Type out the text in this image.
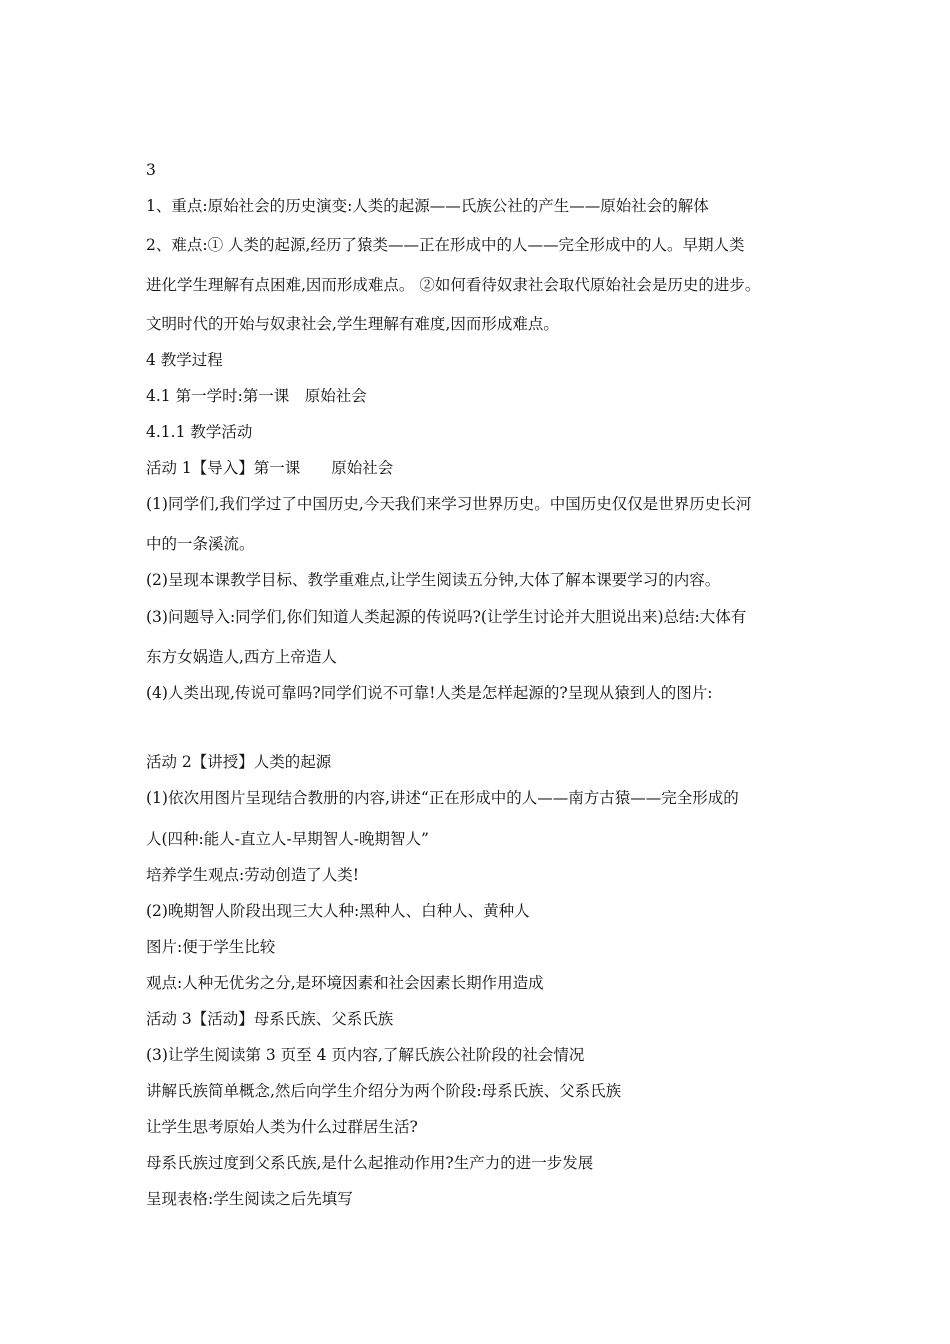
3
1、重点:原始社会的历史演变:人类的起源——氏族公社的产生——原始社会的解体
2、难点:① 人类的起源,经历了猿类——正在形成中的人——完全形成中的人。早期人类
进化学生理解有点困难,因而形成难点。 ②如何看待奴隶社会取代原始社会是历史的进步。
文明时代的开始与奴隶社会,学生理解有难度,因而形成难点。
4 教学过程
4.1 第一学时:第一课　原始社会
4.1.1 教学活动
活动 1【导入】第一课　　原始社会
(1)同学们,我们学过了中国历史,今天我们来学习世界历史。中国历史仅仅是世界历史长河
中的一条溪流。
(2)呈现本课教学目标、教学重难点,让学生阅读五分钟,大体了解本课要学习的内容。
(3)问题导入:同学们,你们知道人类起源的传说吗?(让学生讨论并大胆说出来)总结:大体有
东方女娲造人,西方上帝造人
(4)人类出现,传说可靠吗?同学们说不可靠!人类是怎样起源的?呈现从猿到人的图片:
活动 2【讲授】人类的起源
(1)依次用图片呈现结合教册的内容,讲述“正在形成中的人——南方古猿——完全形成的
人(四种:能人-直立人-早期智人-晚期智人”
培养学生观点:劳动创造了人类!
(2)晚期智人阶段出现三大人种:黑种人、白种人、黄种人
图片:便于学生比较
观点:人种无优劣之分,是环境因素和社会因素长期作用造成
活动 3【活动】母系氏族、父系氏族
(3)让学生阅读第 3 页至 4 页内容,了解氏族公社阶段的社会情况
讲解氏族简单概念,然后向学生介绍分为两个阶段:母系氏族、父系氏族
让学生思考原始人类为什么过群居生活?
母系氏族过度到父系氏族,是什么起推动作用?生产力的进一步发展
呈现表格:学生阅读之后先填写
